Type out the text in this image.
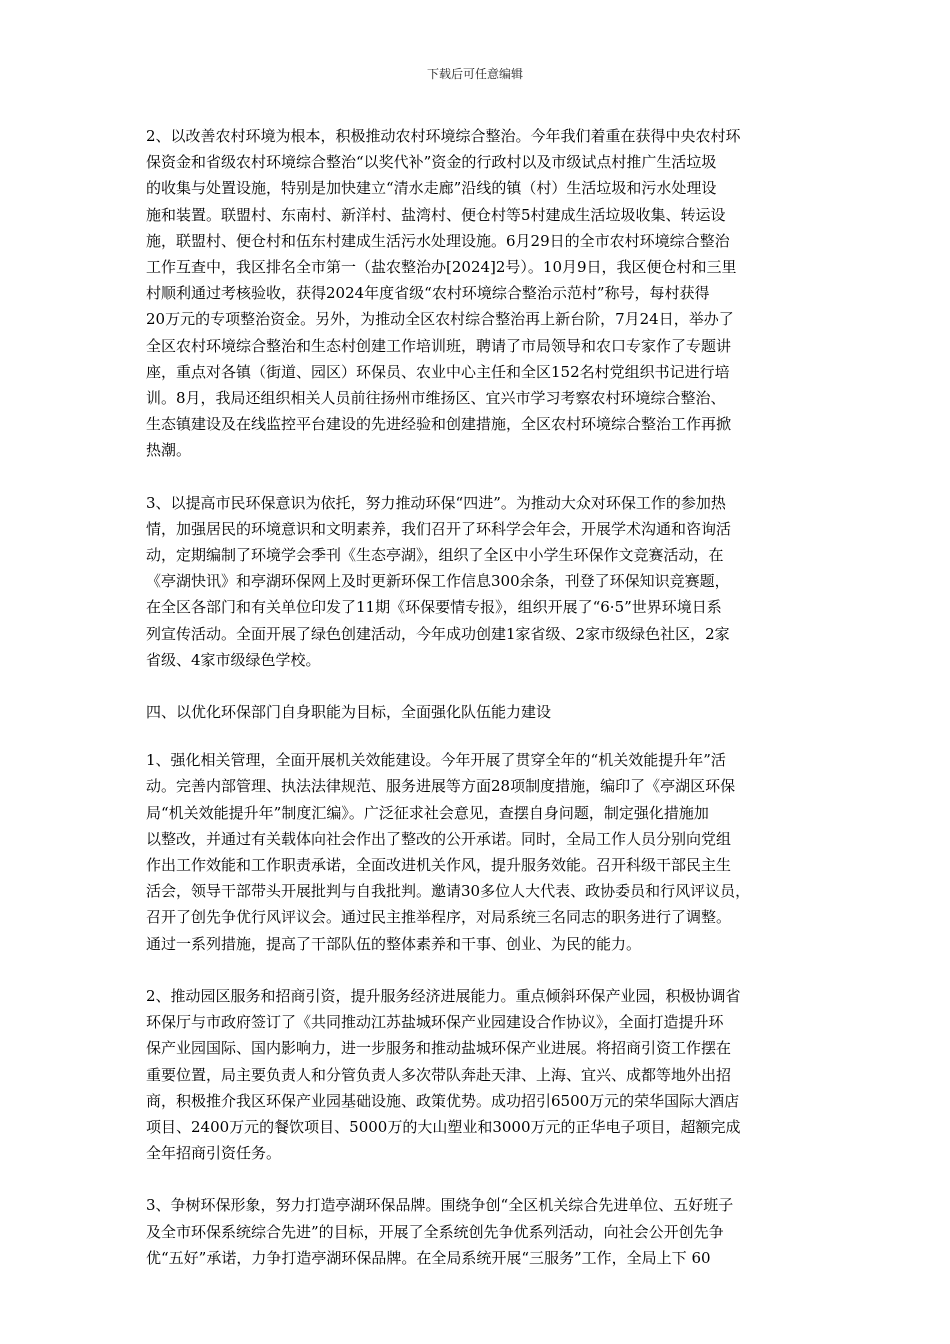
下载后可任意编辑

2、以改善农村环境为根本，积极推动农村环境综合整治。今年我们着重在获得中央农村环
保资金和省级农村环境综合整治“以奖代补”资金的行政村以及市级试点村推广生活垃圾
的收集与处置设施，特别是加快建立“清水走廊”沿线的镇（村）生活垃圾和污水处理设
施和装置。联盟村、东南村、新洋村、盐湾村、便仓村等5村建成生活垃圾收集、转运设
施，联盟村、便仓村和伍东村建成生活污水处理设施。6月29日的全市农村环境综合整治
工作互查中，我区排名全市第一（盐农整治办[2024]2号）。10月9日，我区便仓村和三里
村顺利通过考核验收，获得2024年度省级“农村环境综合整治示范村”称号，每村获得
20万元的专项整治资金。另外，为推动全区农村综合整治再上新台阶，7月24日，举办了
全区农村环境综合整治和生态村创建工作培训班，聘请了市局领导和农口专家作了专题讲
座，重点对各镇（街道、园区）环保员、农业中心主任和全区152名村党组织书记进行培
训。8月，我局还组织相关人员前往扬州市维扬区、宜兴市学习考察农村环境综合整治、
生态镇建设及在线监控平台建设的先进经验和创建措施，全区农村环境综合整治工作再掀
热潮。

3、以提高市民环保意识为依托，努力推动环保“四进”。为推动大众对环保工作的参加热
情，加强居民的环境意识和文明素养，我们召开了环科学会年会，开展学术沟通和咨询活
动，定期编制了环境学会季刊《生态亭湖》，组织了全区中小学生环保作文竞赛活动，在
《亭湖快讯》和亭湖环保网上及时更新环保工作信息300余条，刊登了环保知识竞赛题，
在全区各部门和有关单位印发了11期《环保要情专报》，组织开展了“6·5”世界环境日系
列宣传活动。全面开展了绿色创建活动，今年成功创建1家省级、2家市级绿色社区，2家
省级、4家市级绿色学校。

四、以优化环保部门自身职能为目标，全面强化队伍能力建设

1、强化相关管理，全面开展机关效能建设。今年开展了贯穿全年的“机关效能提升年”活
动。完善内部管理、执法法律规范、服务进展等方面28项制度措施，编印了《亭湖区环保
局“机关效能提升年”制度汇编》。广泛征求社会意见，查摆自身问题，制定强化措施加
以整改，并通过有关载体向社会作出了整改的公开承诺。同时，全局工作人员分别向党组
作出工作效能和工作职责承诺，全面改进机关作风，提升服务效能。召开科级干部民主生
活会，领导干部带头开展批判与自我批判。邀请30多位人大代表、政协委员和行风评议员，
召开了创先争优行风评议会。通过民主推举程序，对局系统三名同志的职务进行了调整。
通过一系列措施，提高了干部队伍的整体素养和干事、创业、为民的能力。

2、推动园区服务和招商引资，提升服务经济进展能力。重点倾斜环保产业园，积极协调省
环保厅与市政府签订了《共同推动江苏盐城环保产业园建设合作协议》，全面打造提升环
保产业园国际、国内影响力，进一步服务和推动盐城环保产业进展。将招商引资工作摆在
重要位置，局主要负责人和分管负责人多次带队奔赴天津、上海、宜兴、成都等地外出招
商，积极推介我区环保产业园基础设施、政策优势。成功招引6500万元的荣华国际大酒店
项目、2400万元的餐饮项目、5000万的大山塑业和3000万元的正华电子项目，超额完成
全年招商引资任务。

3、争树环保形象，努力打造亭湖环保品牌。围绕争创“全区机关综合先进单位、五好班子
及全市环保系统综合先进”的目标，开展了全系统创先争优系列活动，向社会公开创先争
优“五好”承诺，力争打造亭湖环保品牌。在全局系统开展“三服务”工作，全局上下 60
